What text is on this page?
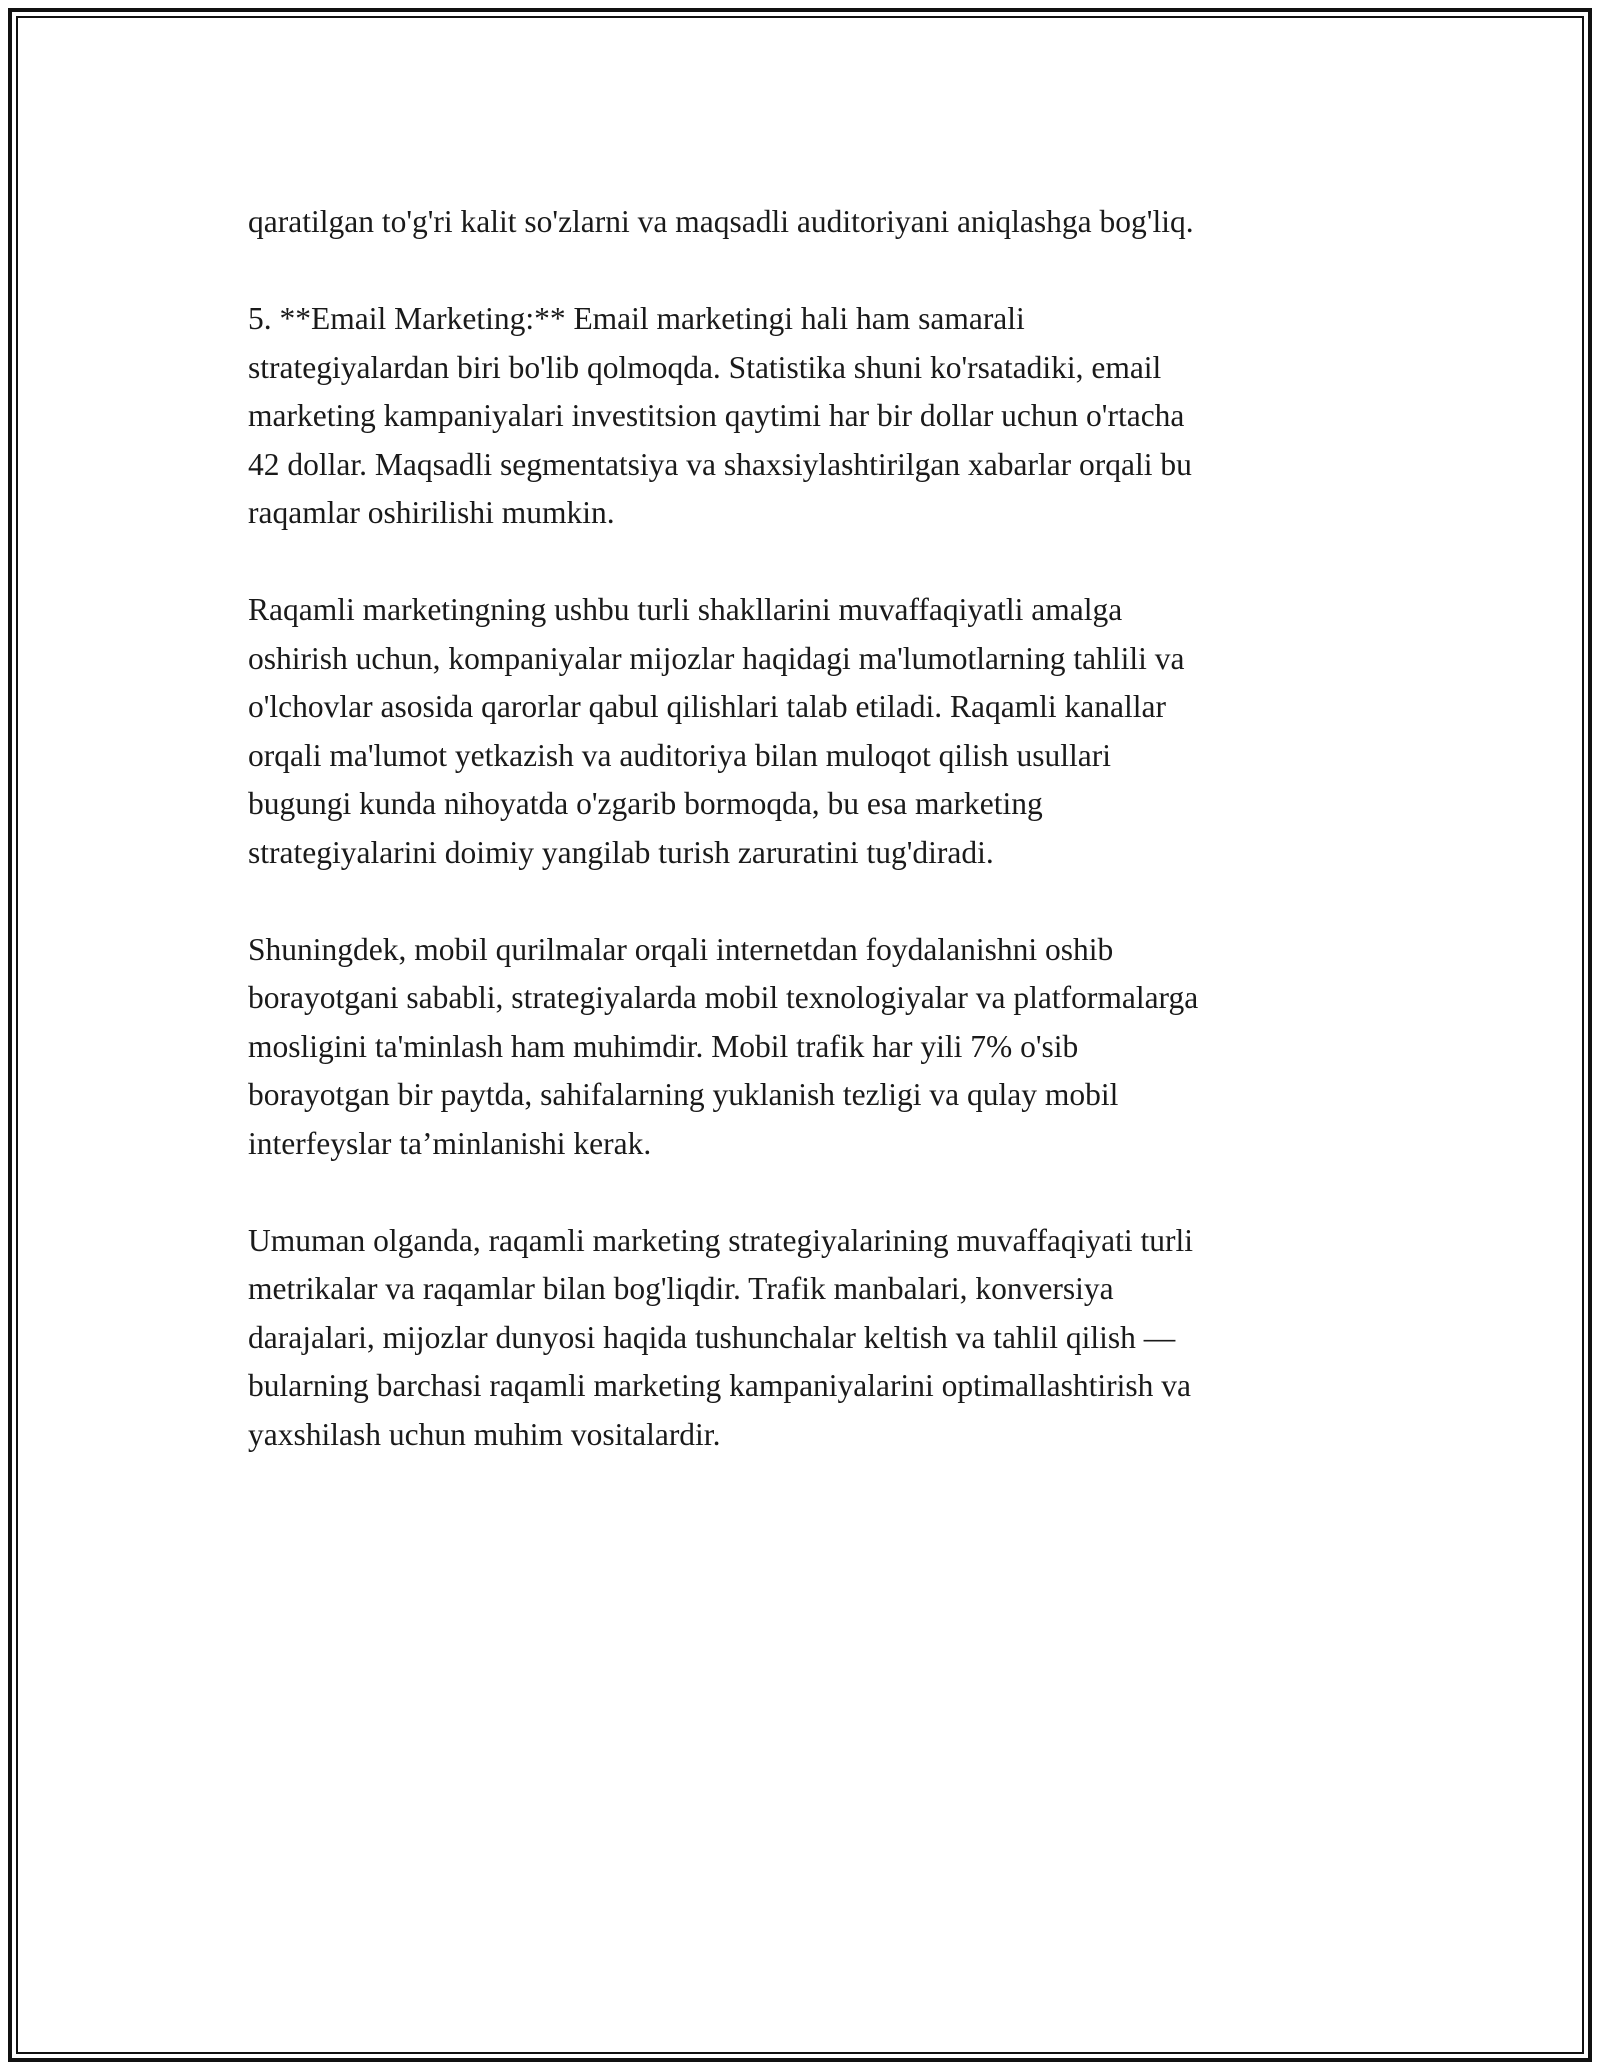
qaratilgan to'g'ri kalit so'zlarni va maqsadli auditoriyani aniqlashga bog'liq.

5. **Email Marketing:** Email marketingi hali ham samarali
strategiyalardan biri bo'lib qolmoqda. Statistika shuni ko'rsatadiki, email
marketing kampaniyalari investitsion qaytimi har bir dollar uchun o'rtacha
42 dollar. Maqsadli segmentatsiya va shaxsiylashtirilgan xabarlar orqali bu
raqamlar oshirilishi mumkin.

Raqamli marketingning ushbu turli shakllarini muvaffaqiyatli amalga
oshirish uchun, kompaniyalar mijozlar haqidagi ma'lumotlarning tahlili va
o'lchovlar asosida qarorlar qabul qilishlari talab etiladi. Raqamli kanallar
orqali ma'lumot yetkazish va auditoriya bilan muloqot qilish usullari
bugungi kunda nihoyatda o'zgarib bormoqda, bu esa marketing
strategiyalarini doimiy yangilab turish zaruratini tug'diradi.

Shuningdek, mobil qurilmalar orqali internetdan foydalanishni oshib
borayotgani sababli, strategiyalarda mobil texnologiyalar va platformalarga
mosligini ta'minlash ham muhimdir. Mobil trafik har yili 7% o'sib
borayotgan bir paytda, sahifalarning yuklanish tezligi va qulay mobil
interfeyslar ta’minlanishi kerak.

Umuman olganda, raqamli marketing strategiyalarining muvaffaqiyati turli
metrikalar va raqamlar bilan bog'liqdir. Trafik manbalari, konversiya
darajalari, mijozlar dunyosi haqida tushunchalar keltish va tahlil qilish —
bularning barchasi raqamli marketing kampaniyalarini optimallashtirish va
yaxshilash uchun muhim vositalardir.
